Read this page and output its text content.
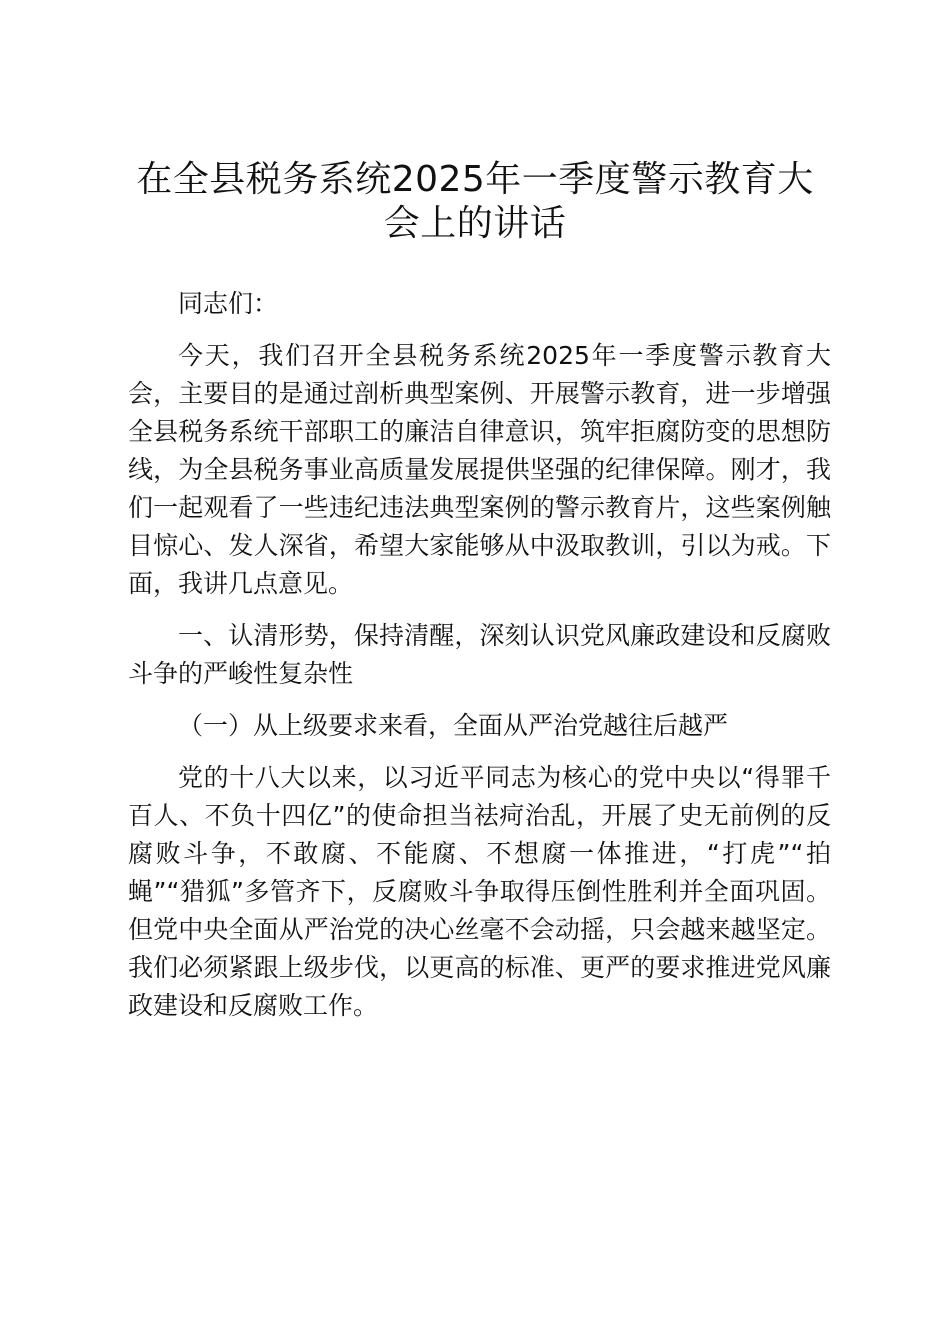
在全县税务系统2025年一季度警示教育大会上的讲话

同志们：

今天，我们召开全县税务系统2025年一季度警示教育大会，主要目的是通过剖析典型案例、开展警示教育，进一步增强全县税务系统干部职工的廉洁自律意识，筑牢拒腐防变的思想防线，为全县税务事业高质量发展提供坚强的纪律保障。刚才，我们一起观看了一些违纪违法典型案例的警示教育片，这些案例触目惊心、发人深省，希望大家能够从中汲取教训，引以为戒。下面，我讲几点意见。

一、认清形势，保持清醒，深刻认识党风廉政建设和反腐败斗争的严峻性复杂性

（一）从上级要求来看，全面从严治党越往后越严

党的十八大以来，以习近平同志为核心的党中央以“得罪千百人、不负十四亿”的使命担当祛疴治乱，开展了史无前例的反腐败斗争，不敢腐、不能腐、不想腐一体推进，“打虎”“拍蝇”“猎狐”多管齐下，反腐败斗争取得压倒性胜利并全面巩固。但党中央全面从严治党的决心丝毫不会动摇，只会越来越坚定。我们必须紧跟上级步伐，以更高的标准、更严的要求推进党风廉政建设和反腐败工作。
